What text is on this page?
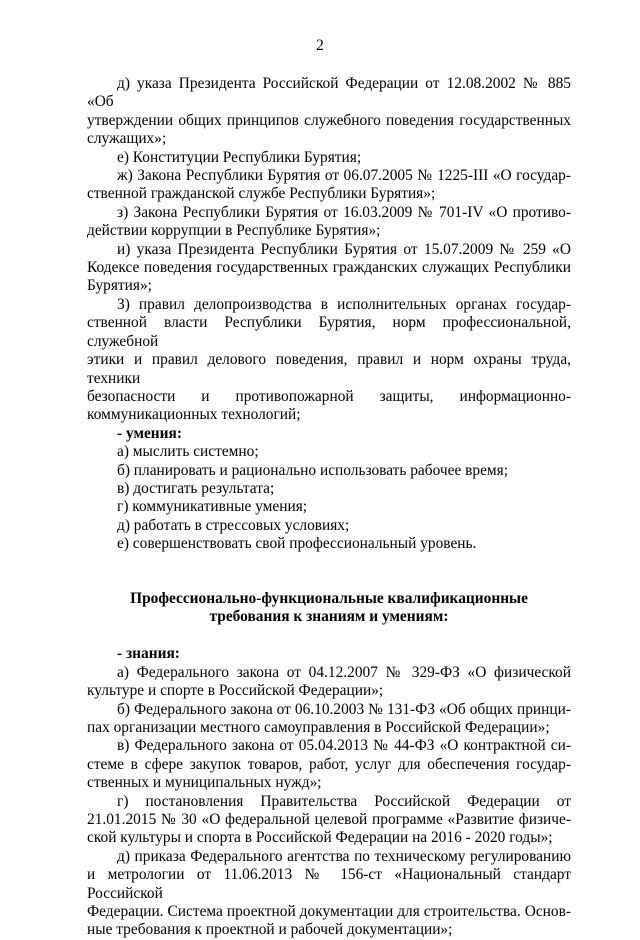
2
д) указа Президента Российской Федерации от 12.08.2002 № 885 «Об
утверждении общих принципов служебного поведения государственных
служащих»;
е) Конституции Республики Бурятия;
ж) Закона Республики Бурятия от 06.07.2005 № 1225-III «О государ-
ственной гражданской службе Республики Бурятия»;
з) Закона Республики Бурятия от 16.03.2009 № 701-IV «О противо-
действии коррупции в Республике Бурятия»;
и) указа Президента Республики Бурятия от 15.07.2009 № 259 «О
Кодексе поведения государственных гражданских служащих Республики
Бурятия»;
3) правил делопроизводства в исполнительных органах государ-
ственной власти Республики Бурятия, норм профессиональной, служебной
этики и правил делового поведения, правил и норм охраны труда, техники
безопасности и противопожарной защиты, информационно-
коммуникационных технологий;

- умения:

а) мыслить системно;

б) планировать и рационально использовать рабочее время;

в) достигать результата;

г) коммуникативные умения;

д) работать в стрессовых условиях;

е) совершенствовать свой профессиональный уровень.

Профессионально-функциональные квалификационные

требования к знаниям и умениям:

- знания:

а) Федерального закона от 04.12.2007 № 329-ФЗ «О физической
культуре и спорте в Российской Федерации»;
б) Федерального закона от 06.10.2003 № 131-ФЗ «Об общих принци-
пах организации местного самоуправления в Российской Федерации»;
в) Федерального закона от 05.04.2013 № 44-ФЗ «О контрактной си-
стеме в сфере закупок товаров, работ, услуг для обеспечения государ-
ственных и муниципальных нужд»;
г) постановления Правительства Российской Федерации от
21.01.2015 № 30 «О федеральной целевой программе «Развитие физиче-
ской культуры и спорта в Российской Федерации на 2016 - 2020 годы»;
д) приказа Федерального агентства по техническому регулированию
и метрологии от 11.06.2013 № 156-ст «Национальный стандарт Российской
Федерации. Система проектной документации для строительства. Основ-
ные требования к проектной и рабочей документации»;
